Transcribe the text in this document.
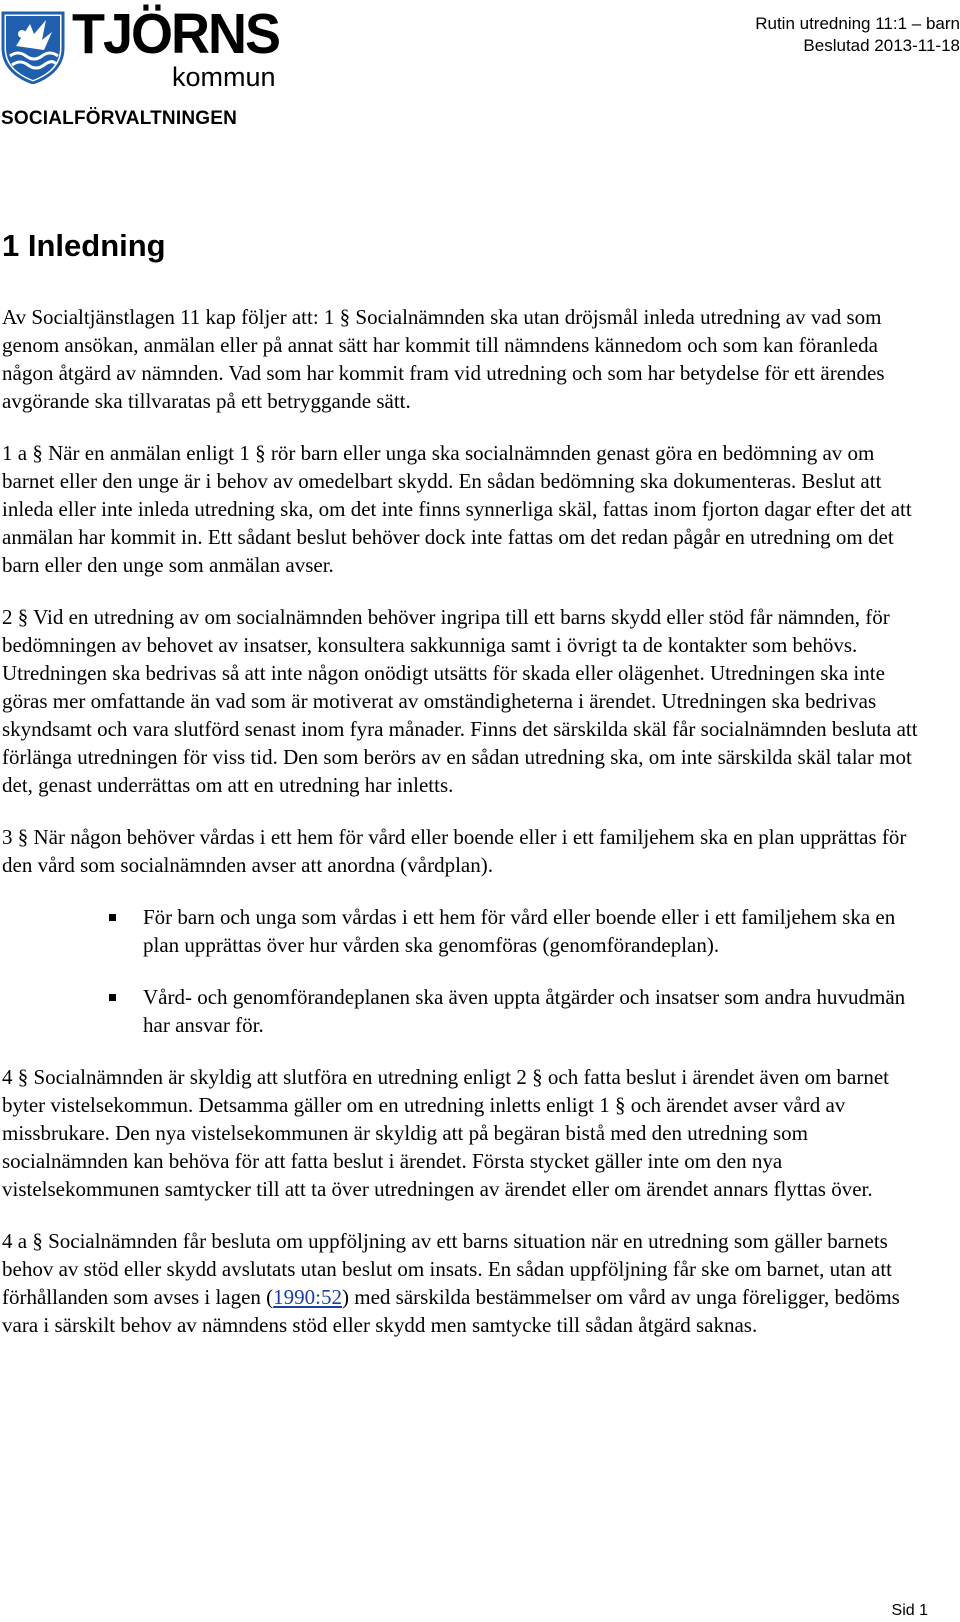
TJÖRNS
kommun
SOCIALFÖRVALTNINGEN
Rutin utredning 11:1 – barn
Beslutad 2013-11-18
1 Inledning

Av Socialtjänstlagen 11 kap följer att: 1 § Socialnämnden ska utan dröjsmål inleda utredning av vad som genom ansökan, anmälan eller på annat sätt har kommit till nämndens kännedom och som kan föranleda någon åtgärd av nämnden. Vad som har kommit fram vid utredning och som har betydelse för ett ärendes avgörande ska tillvaratas på ett betryggande sätt.

1 a § När en anmälan enligt 1 § rör barn eller unga ska socialnämnden genast göra en bedömning av om barnet eller den unge är i behov av omedelbart skydd. En sådan bedömning ska dokumenteras. Beslut att inleda eller inte inleda utredning ska, om det inte finns synnerliga skäl, fattas inom fjorton dagar efter det att anmälan har kommit in. Ett sådant beslut behöver dock inte fattas om det redan pågår en utredning om det barn eller den unge som anmälan avser.

2 § Vid en utredning av om socialnämnden behöver ingripa till ett barns skydd eller stöd får nämnden, för bedömningen av behovet av insatser, konsultera sakkunniga samt i övrigt ta de kontakter som behövs. Utredningen ska bedrivas så att inte någon onödigt utsätts för skada eller olägenhet. Utredningen ska inte göras mer omfattande än vad som är motiverat av omständigheterna i ärendet. Utredningen ska bedrivas skyndsamt och vara slutförd senast inom fyra månader. Finns det särskilda skäl får socialnämnden besluta att förlänga utredningen för viss tid. Den som berörs av en sådan utredning ska, om inte särskilda skäl talar mot det, genast underrättas om att en utredning har inletts.

3 § När någon behöver vårdas i ett hem för vård eller boende eller i ett familjehem ska en plan upprättas för den vård som socialnämnden avser att anordna (vårdplan).

För barn och unga som vårdas i ett hem för vård eller boende eller i ett familjehem ska en plan upprättas över hur vården ska genomföras (genomförandeplan).
Vård- och genomförandeplanen ska även uppta åtgärder och insatser som andra huvudmän har ansvar för.

4 § Socialnämnden är skyldig att slutföra en utredning enligt 2 § och fatta beslut i ärendet även om barnet byter vistelsekommun. Detsamma gäller om en utredning inletts enligt 1 § och ärendet avser vård av missbrukare. Den nya vistelsekommunen är skyldig att på begäran bistå med den utredning som socialnämnden kan behöva för att fatta beslut i ärendet. Första stycket gäller inte om den nya vistelsekommunen samtycker till att ta över utredningen av ärendet eller om ärendet annars flyttas över.

4 a § Socialnämnden får besluta om uppföljning av ett barns situation när en utredning som gäller barnets behov av stöd eller skydd avslutats utan beslut om insats. En sådan uppföljning får ske om barnet, utan att förhållanden som avses i lagen (1990:52) med särskilda bestämmelser om vård av unga föreligger, bedöms vara i särskilt behov av nämndens stöd eller skydd men samtycke till sådan åtgärd saknas.

Sid 1
